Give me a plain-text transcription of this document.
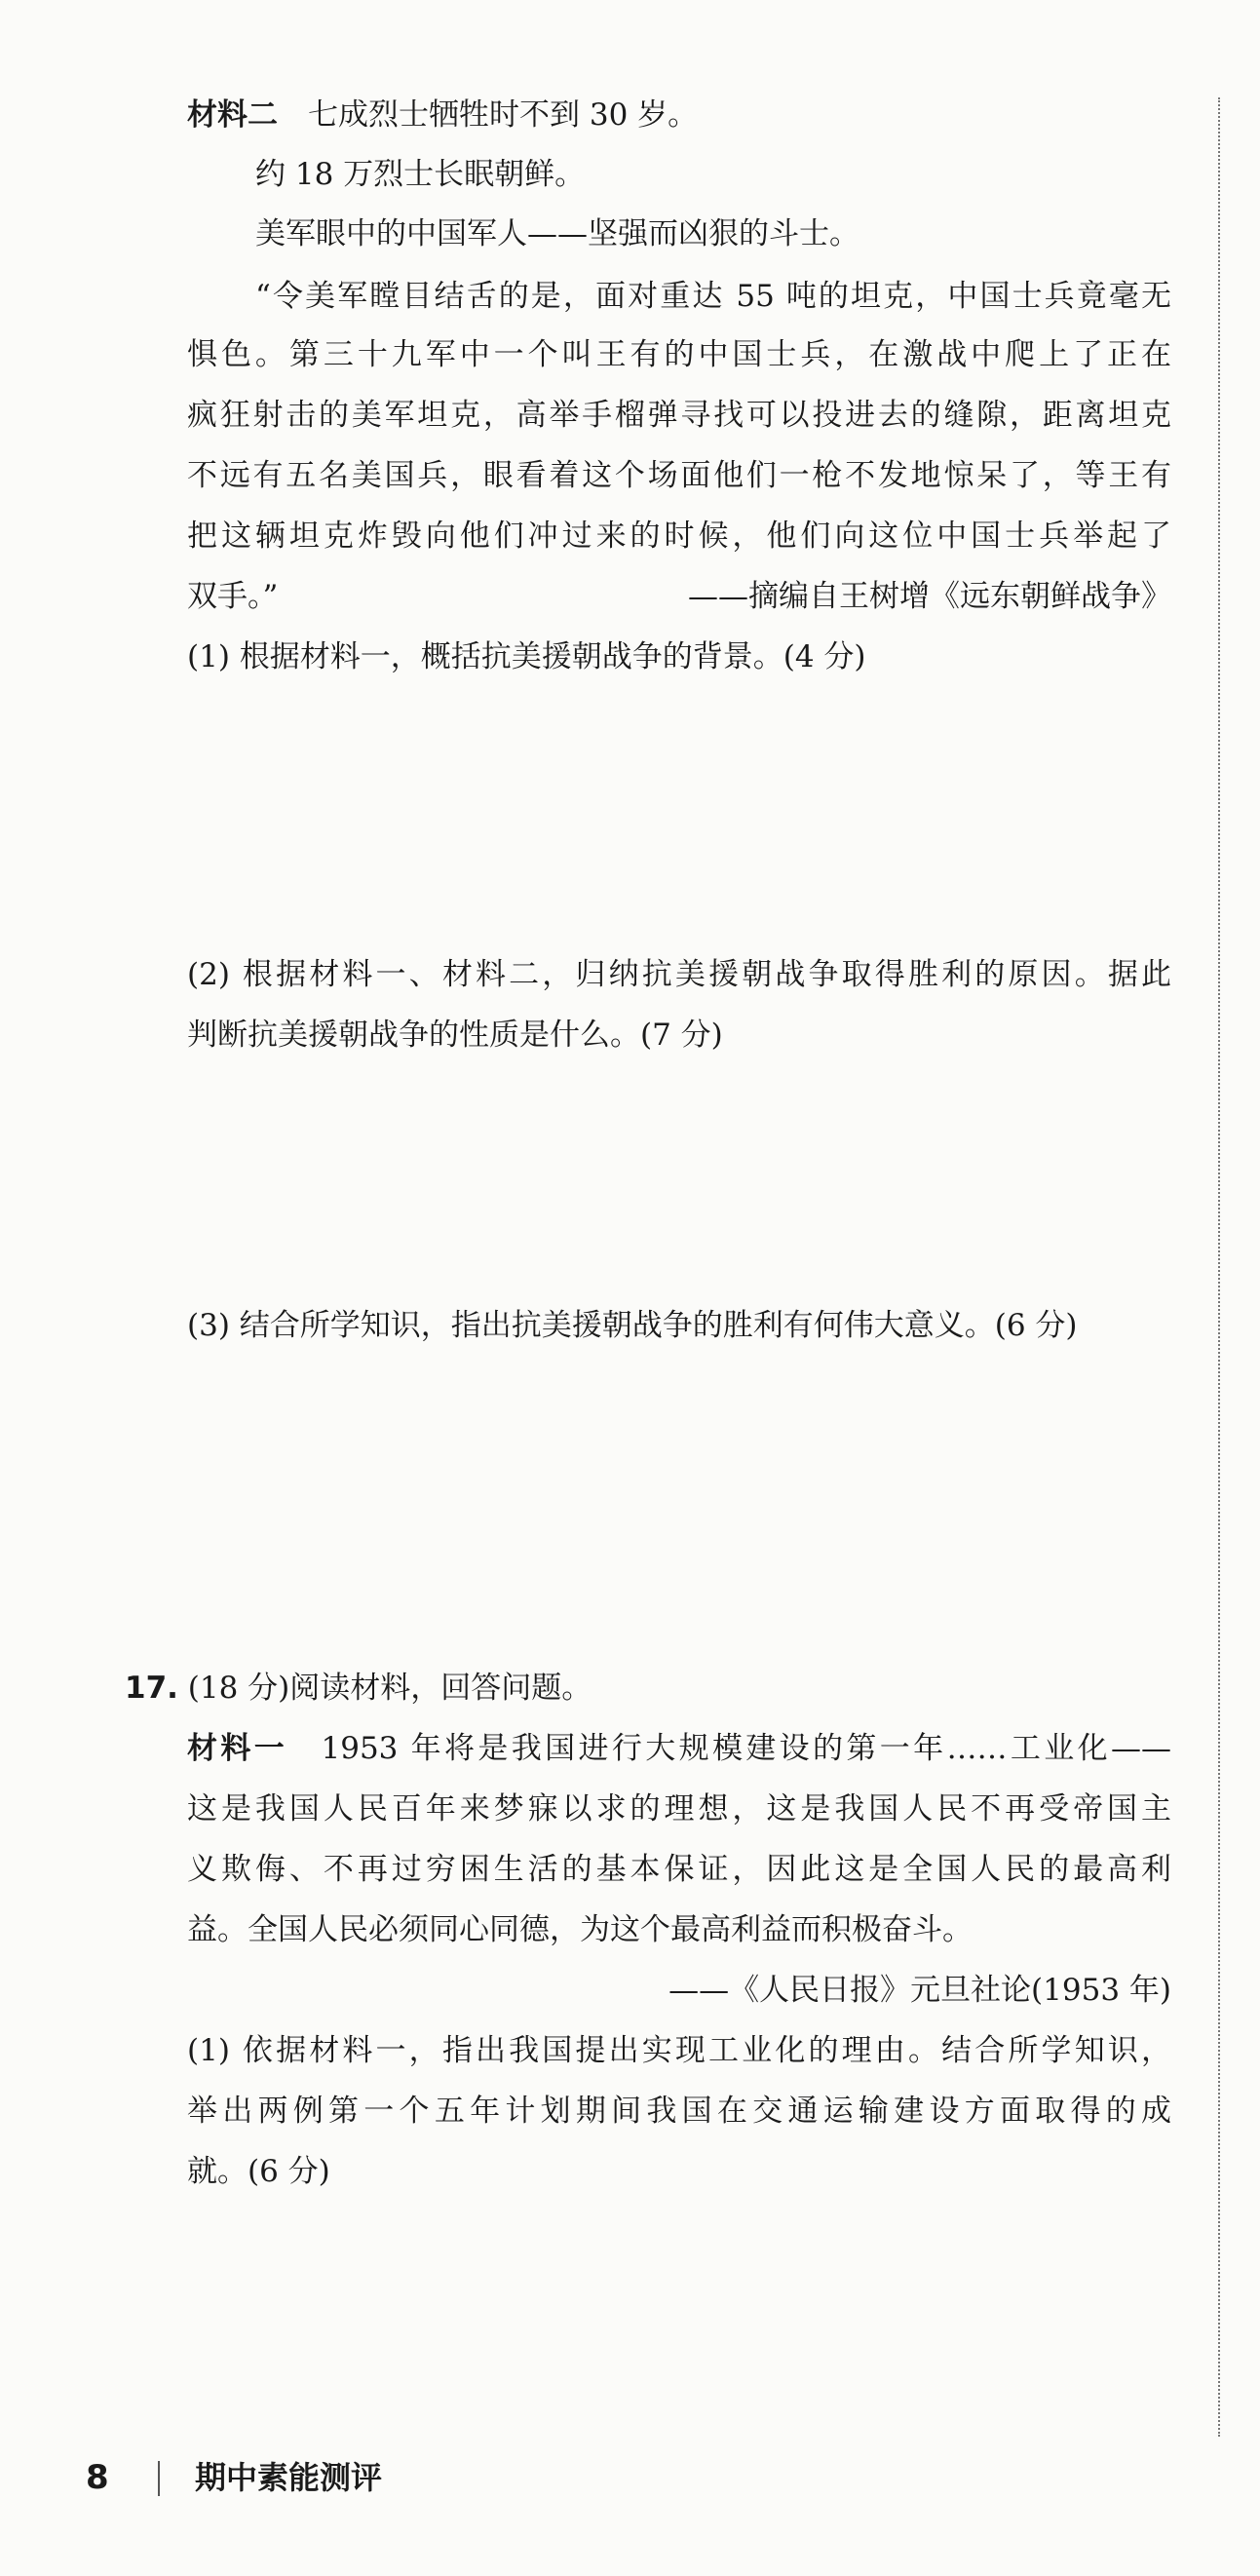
材料二　七成烈士牺牲时不到 30 岁。
约 18 万烈士长眠朝鲜。
美军眼中的中国军人——坚强而凶狠的斗士。
“令美军瞠目结舌的是，面对重达 55 吨的坦克，中国士兵竟毫无
惧色。第三十九军中一个叫王有的中国士兵，在激战中爬上了正在
疯狂射击的美军坦克，高举手榴弹寻找可以投进去的缝隙，距离坦克
不远有五名美国兵，眼看着这个场面他们一枪不发地惊呆了，等王有
把这辆坦克炸毁向他们冲过来的时候，他们向这位中国士兵举起了
双手。”	——摘编自王树增《远东朝鲜战争》
(1) 根据材料一，概括抗美援朝战争的背景。(4 分)
(2) 根据材料一、材料二，归纳抗美援朝战争取得胜利的原因。据此
判断抗美援朝战争的性质是什么。(7 分)
(3) 结合所学知识，指出抗美援朝战争的胜利有何伟大意义。(6 分)
17. (18 分)阅读材料，回答问题。
材料一　1953 年将是我国进行大规模建设的第一年……工业化——
这是我国人民百年来梦寐以求的理想，这是我国人民不再受帝国主
义欺侮、不再过穷困生活的基本保证，因此这是全国人民的最高利
益。全国人民必须同心同德，为这个最高利益而积极奋斗。
——《人民日报》元旦社论(1953 年)
(1) 依据材料一，指出我国提出实现工业化的理由。结合所学知识，
举出两例第一个五年计划期间我国在交通运输建设方面取得的成
就。(6 分)
8	期中素能测评
